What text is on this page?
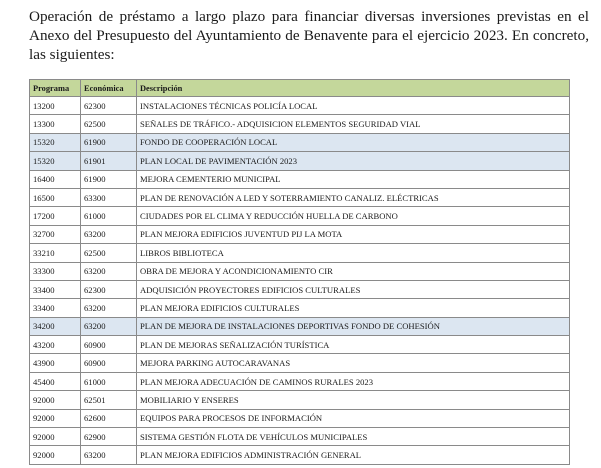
Operación de préstamo a largo plazo para financiar diversas inversiones previstas en el Anexo del Presupuesto del Ayuntamiento de Benavente para el ejercicio 2023. En concreto, las siguientes:

Programa	Económica	Descripción
13200	62300	INSTALACIONES TÉCNICAS POLICÍA LOCAL
13300	62500	SEÑALES DE TRÁFICO.- ADQUISICION ELEMENTOS SEGURIDAD VIAL
15320	61900	FONDO DE COOPERACIÓN LOCAL
15320	61901	PLAN LOCAL DE PAVIMENTACIÓN 2023
16400	61900	MEJORA CEMENTERIO MUNICIPAL
16500	63300	PLAN DE RENOVACIÓN A LED Y SOTERRAMIENTO CANALIZ. ELÉCTRICAS
17200	61000	CIUDADES POR EL CLIMA Y REDUCCIÓN HUELLA DE CARBONO
32700	63200	PLAN MEJORA EDIFICIOS JUVENTUD PIJ LA MOTA
33210	62500	LIBROS BIBLIOTECA
33300	63200	OBRA DE MEJORA Y ACONDICIONAMIENTO CIR
33400	62300	ADQUISICIÓN PROYECTORES EDIFICIOS CULTURALES
33400	63200	PLAN MEJORA EDIFICIOS CULTURALES
34200	63200	PLAN DE MEJORA DE INSTALACIONES DEPORTIVAS FONDO DE COHESIÓN
43200	60900	PLAN DE MEJORAS SEÑALIZACIÓN TURÍSTICA
43900	60900	MEJORA PARKING AUTOCARAVANAS
45400	61000	PLAN MEJORA ADECUACIÓN DE CAMINOS RURALES 2023
92000	62501	MOBILIARIO Y ENSERES
92000	62600	EQUIPOS PARA PROCESOS DE INFORMACIÓN
92000	62900	SISTEMA GESTIÓN FLOTA DE VEHÍCULOS MUNICIPALES
92000	63200	PLAN MEJORA EDIFICIOS ADMINISTRACIÓN GENERAL
